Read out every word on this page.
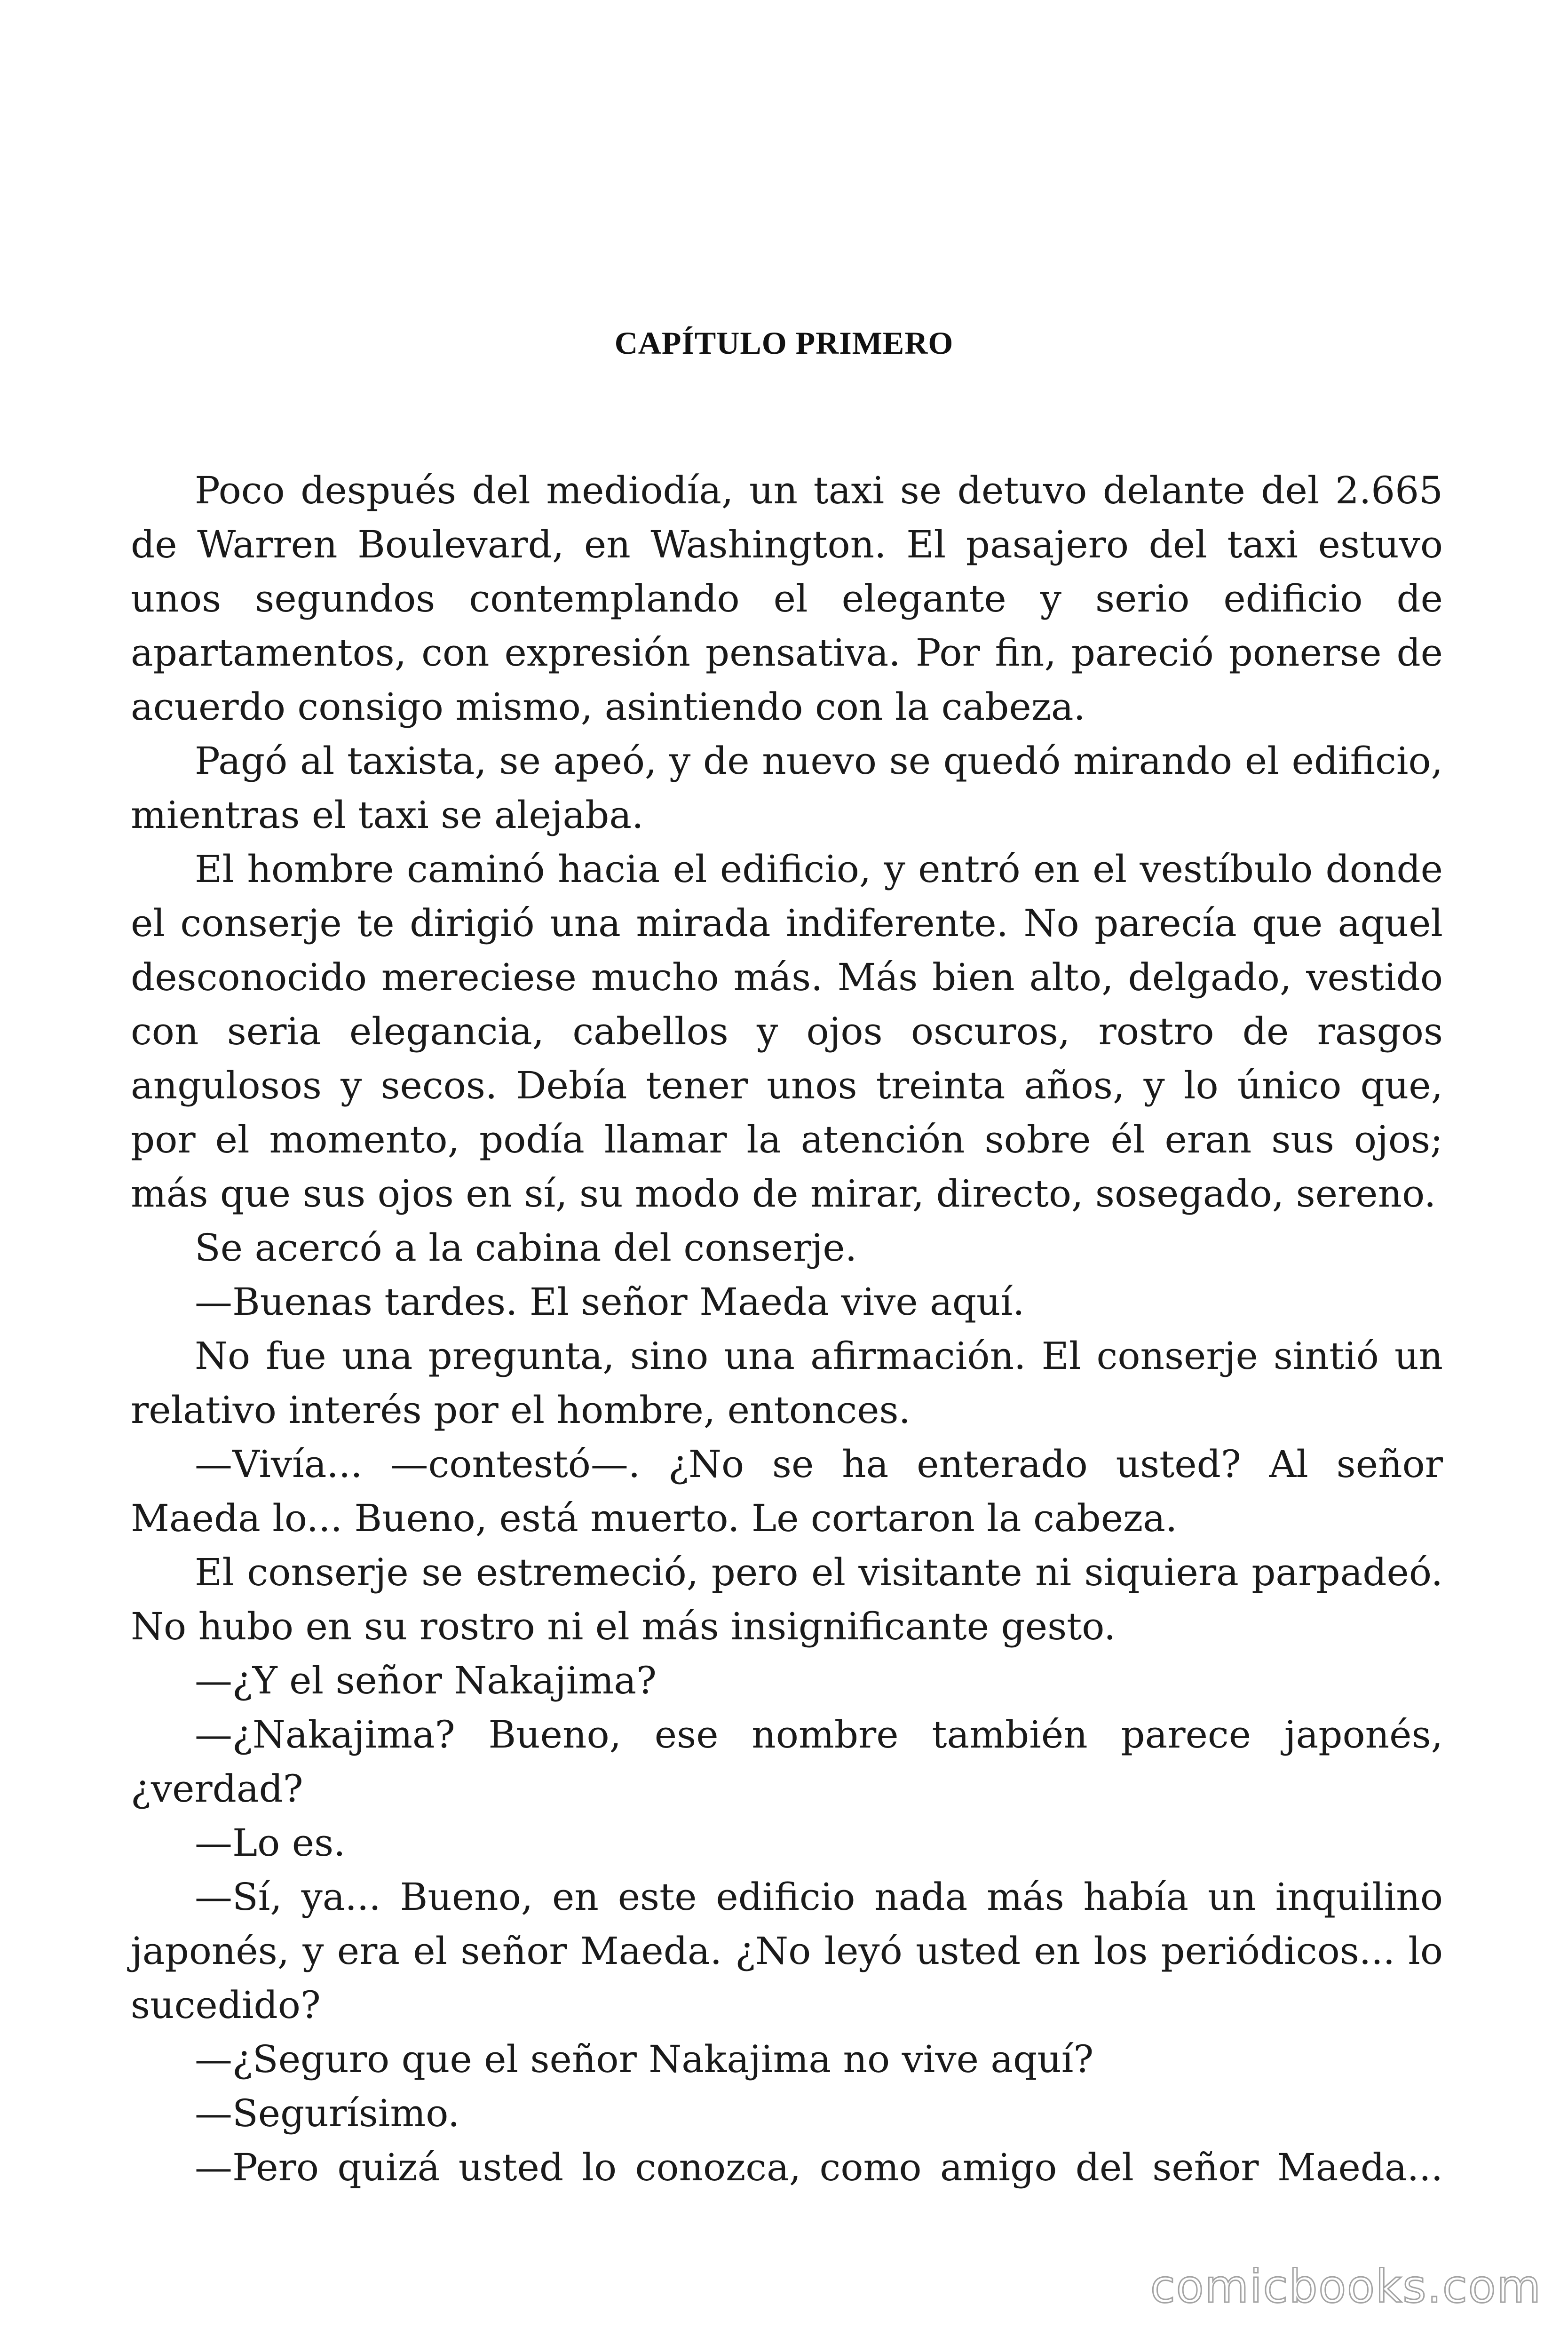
CAPÍTULO PRIMERO

Poco después del mediodía, un taxi se detuvo delante del 2.665 de Warren Boulevard, en Washington. El pasajero del taxi estuvo unos segundos contemplando el elegante y serio edificio de apartamentos, con expresión pensativa. Por fin, pareció ponerse de acuerdo consigo mismo, asintiendo con la cabeza.

Pagó al taxista, se apeó, y de nuevo se quedó mirando el edificio, mientras el taxi se alejaba.

El hombre caminó hacia el edificio, y entró en el vestíbulo donde el conserje te dirigió una mirada indiferente. No parecía que aquel desconocido mereciese mucho más. Más bien alto, delgado, vestido con seria elegancia, cabellos y ojos oscuros, rostro de rasgos angulosos y secos. Debía tener unos treinta años, y lo único que, por el momento, podía llamar la atención sobre él eran sus ojos; más que sus ojos en sí, su modo de mirar, directo, sosegado, sereno.

Se acercó a la cabina del conserje.

—Buenas tardes. El señor Maeda vive aquí.

No fue una pregunta, sino una afirmación. El conserje sintió un relativo interés por el hombre, entonces.

—Vivía... —contestó—. ¿No se ha enterado usted? Al señor Maeda lo... Bueno, está muerto. Le cortaron la cabeza.

El conserje se estremeció, pero el visitante ni siquiera parpadeó. No hubo en su rostro ni el más insignificante gesto.

—¿Y el señor Nakajima?

—¿Nakajima? Bueno, ese nombre también parece japonés, ¿verdad?

—Lo es.

—Sí, ya... Bueno, en este edificio nada más había un inquilino japonés, y era el señor Maeda. ¿No leyó usted en los periódicos... lo sucedido?

—¿Seguro que el señor Nakajima no vive aquí?

—Segurísimo.

—Pero quizá usted lo conozca, como amigo del señor Maeda...

comicbooks.com
